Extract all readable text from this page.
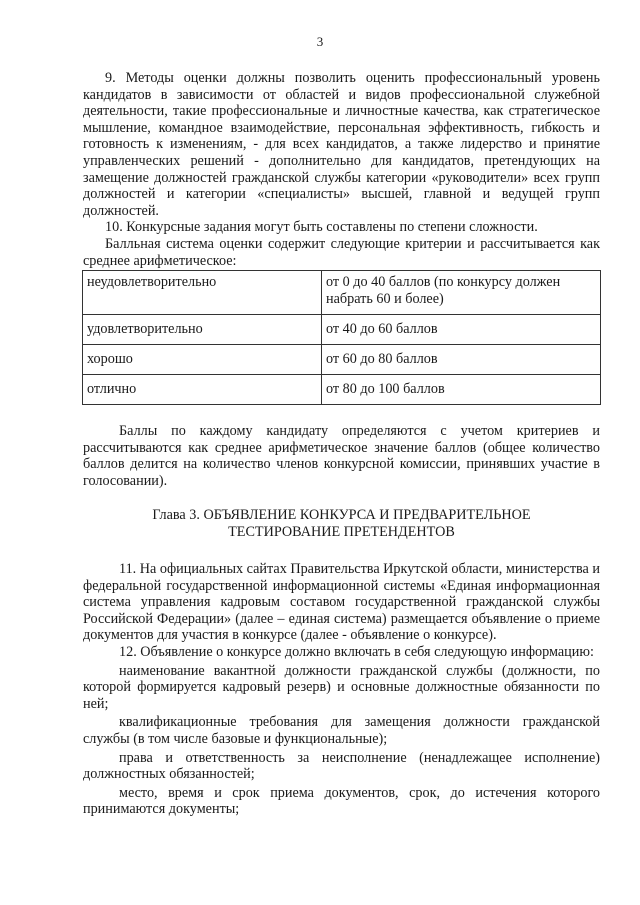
3

9. Методы оценки должны позволить оценить профессиональный уровень кандидатов в зависимости от областей и видов профессиональной служебной деятельности, такие профессиональные и личностные качества, как стратегическое мышление, командное взаимодействие, персональная эффективность, гибкость и готовность к изменениям, - для всех кандидатов, а также лидерство и принятие управленческих решений - дополнительно для кандидатов, претендующих на замещение должностей гражданской службы категории «руководители» всех групп должностей и категории «специалисты» высшей, главной и ведущей групп должностей.

10. Конкурсные задания могут быть составлены по степени сложности.

Балльная система оценки содержит следующие критерии и рассчитывается как среднее арифметическое:

неудовлетворительно	от 0 до 40 баллов (по конкурсу должен набрать 60 и более)
удовлетворительно	от 40 до 60 баллов
хорошо	от 60 до 80 баллов
отлично	от 80 до 100 баллов

Баллы по каждому кандидату определяются с учетом критериев и рассчитываются как среднее арифметическое значение баллов (общее количество баллов делится на количество членов конкурсной комиссии, принявших участие в голосовании).

Глава 3. ОБЪЯВЛЕНИЕ КОНКУРСА И ПРЕДВАРИТЕЛЬНОЕ

ТЕСТИРОВАНИЕ ПРЕТЕНДЕНТОВ

11. На официальных сайтах Правительства Иркутской области, министерства и федеральной государственной информационной системы «Единая информационная система управления кадровым составом государственной гражданской службы Российской Федерации» (далее – единая система) размещается объявление о приеме документов для участия в конкурсе (далее - объявление о конкурсе).

12. Объявление о конкурсе должно включать в себя следующую информацию:

наименование вакантной должности гражданской службы (должности, по которой формируется кадровый резерв) и основные должностные обязанности по ней;

квалификационные требования для замещения должности гражданской службы (в том числе базовые и функциональные);

права и ответственность за неисполнение (ненадлежащее исполнение) должностных обязанностей;

место, время и срок приема документов, срок, до истечения которого принимаются документы;
